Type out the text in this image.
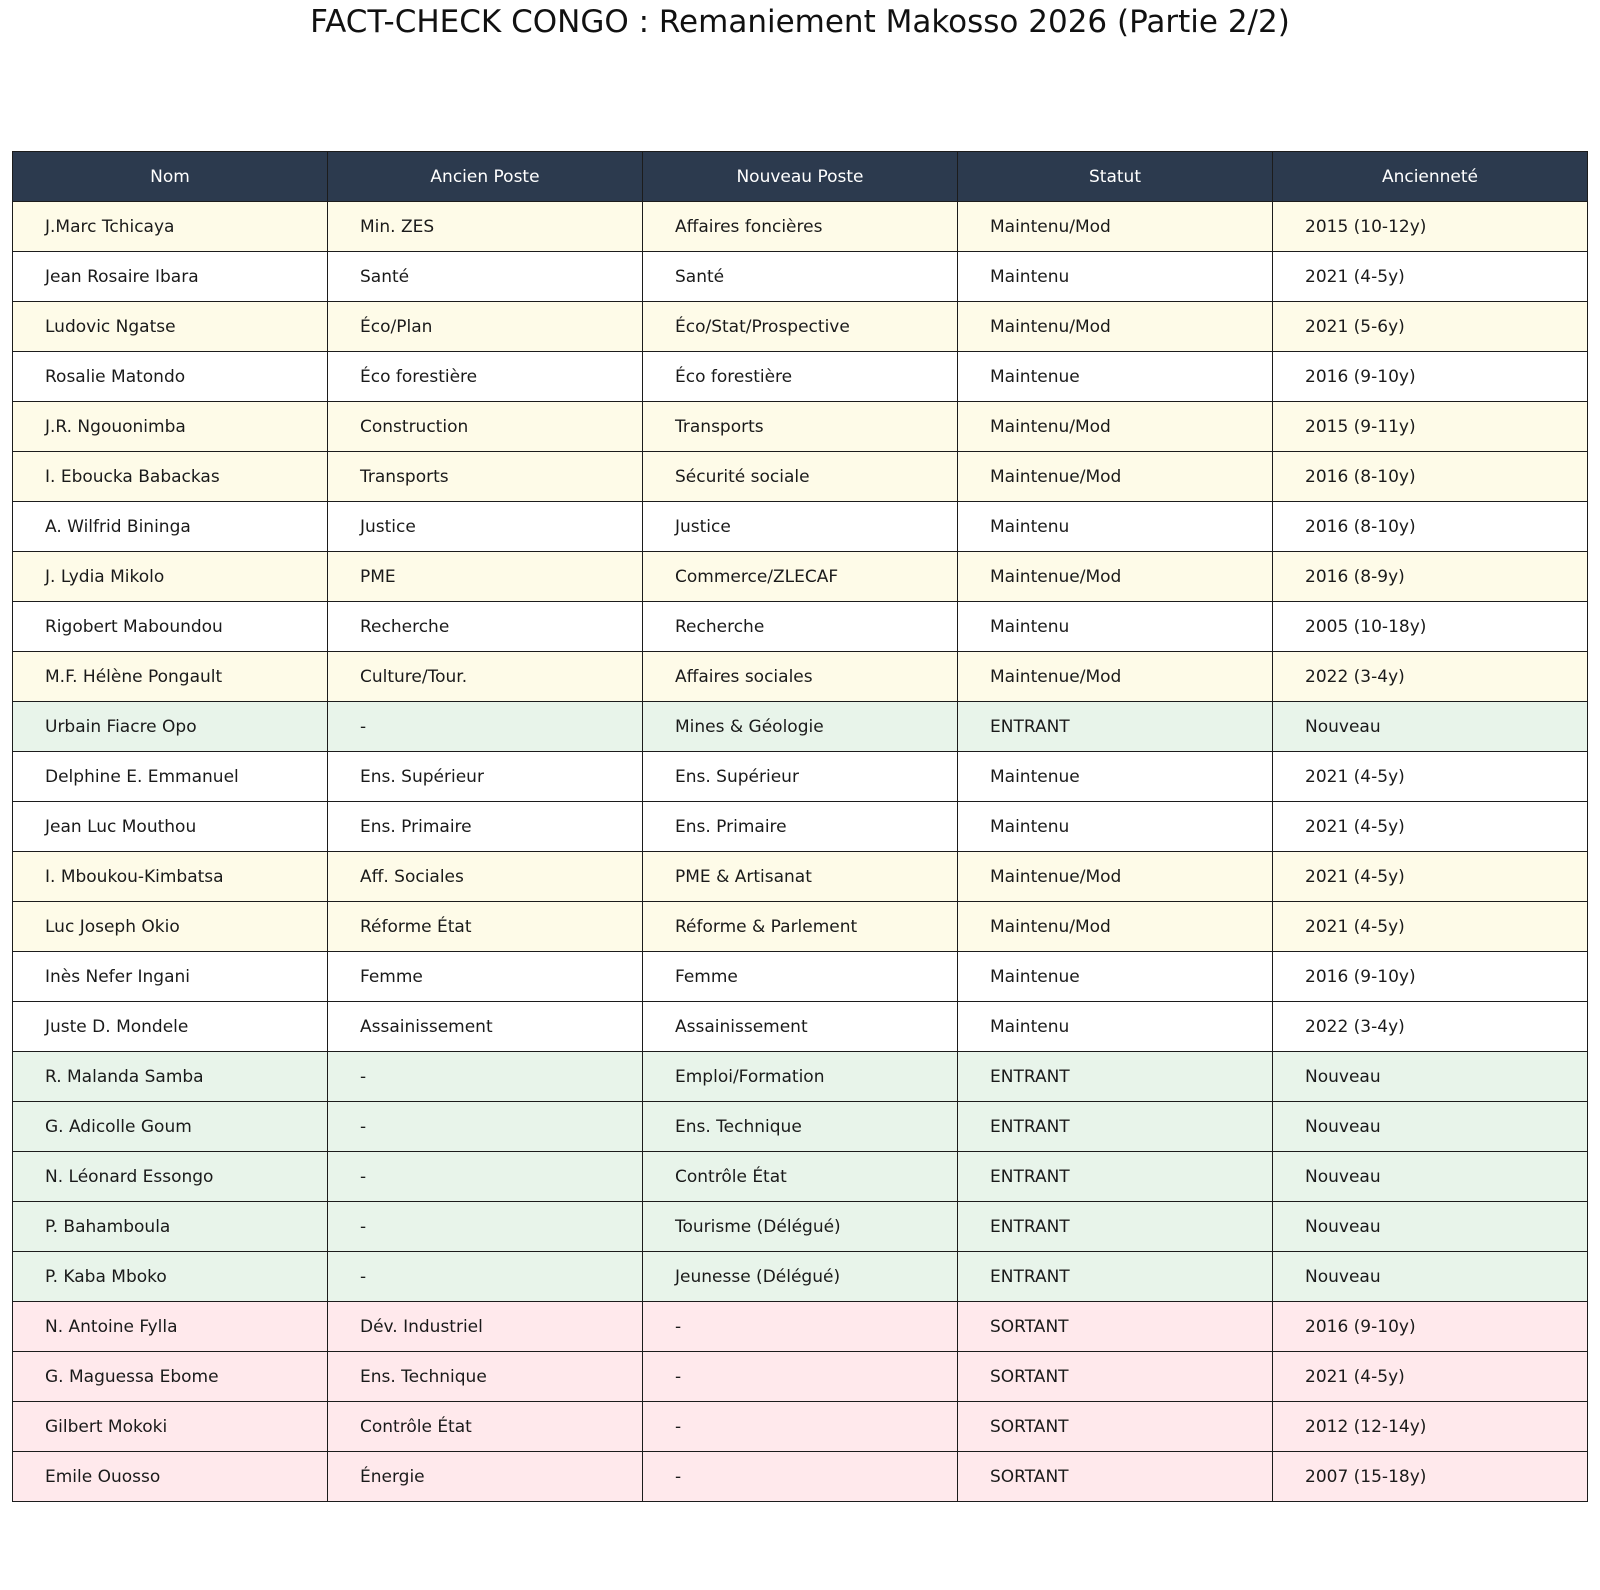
FACT-CHECK CONGO : Remaniement Makosso 2026 (Partie 2/2)
Nom	Ancien Poste	Nouveau Poste	Statut	Ancienneté
J.Marc Tchicaya	Min. ZES	Affaires foncières	Maintenu/Mod	2015 (10-12y)
Jean Rosaire Ibara	Santé	Santé	Maintenu	2021 (4-5y)
Ludovic Ngatse	Éco/Plan	Éco/Stat/Prospective	Maintenu/Mod	2021 (5-6y)
Rosalie Matondo	Éco forestière	Éco forestière	Maintenue	2016 (9-10y)
J.R. Ngouonimba	Construction	Transports	Maintenu/Mod	2015 (9-11y)
I. Eboucka Babackas	Transports	Sécurité sociale	Maintenue/Mod	2016 (8-10y)
A. Wilfrid Bininga	Justice	Justice	Maintenu	2016 (8-10y)
J. Lydia Mikolo	PME	Commerce/ZLECAF	Maintenue/Mod	2016 (8-9y)
Rigobert Maboundou	Recherche	Recherche	Maintenu	2005 (10-18y)
M.F. Hélène Pongault	Culture/Tour.	Affaires sociales	Maintenue/Mod	2022 (3-4y)
Urbain Fiacre Opo	-	Mines & Géologie	ENTRANT	Nouveau
Delphine E. Emmanuel	Ens. Supérieur	Ens. Supérieur	Maintenue	2021 (4-5y)
Jean Luc Mouthou	Ens. Primaire	Ens. Primaire	Maintenu	2021 (4-5y)
I. Mboukou-Kimbatsa	Aff. Sociales	PME & Artisanat	Maintenue/Mod	2021 (4-5y)
Luc Joseph Okio	Réforme État	Réforme & Parlement	Maintenu/Mod	2021 (4-5y)
Inès Nefer Ingani	Femme	Femme	Maintenue	2016 (9-10y)
Juste D. Mondele	Assainissement	Assainissement	Maintenu	2022 (3-4y)
R. Malanda Samba	-	Emploi/Formation	ENTRANT	Nouveau
G. Adicolle Goum	-	Ens. Technique	ENTRANT	Nouveau
N. Léonard Essongo	-	Contrôle État	ENTRANT	Nouveau
P. Bahamboula	-	Tourisme (Délégué)	ENTRANT	Nouveau
P. Kaba Mboko	-	Jeunesse (Délégué)	ENTRANT	Nouveau
N. Antoine Fylla	Dév. Industriel	-	SORTANT	2016 (9-10y)
G. Maguessa Ebome	Ens. Technique	-	SORTANT	2021 (4-5y)
Gilbert Mokoki	Contrôle État	-	SORTANT	2012 (12-14y)
Emile Ouosso	Énergie	-	SORTANT	2007 (15-18y)
